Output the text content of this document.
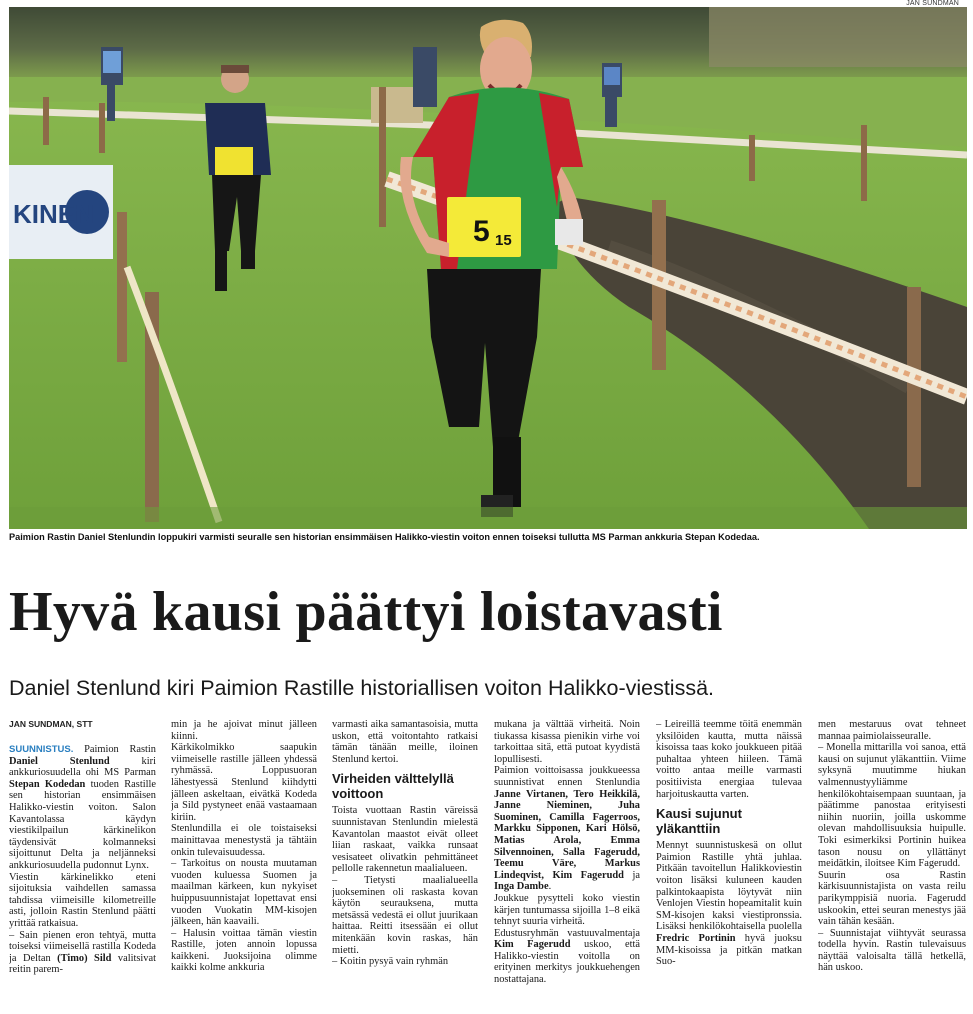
JAN SUNDMAN
KINEN
5 15
Paimion Rastin Daniel Stenlundin loppukiri varmisti seuralle sen historian ensimmäisen Halikko-viestin voiton ennen toiseksi tullutta MS Parman ankkuria Stepan Kodedaa.
Hyvä kausi päättyi loistavasti
Daniel Stenlund kiri Paimion Rastille historiallisen voiton Halikko-viestissä.
JAN SUNDMAN, STT

SUUNNISTUS. Paimion Rastin Daniel Stenlund kiri ankkuriosuudella ohi MS Parman Stepan Kodedan tuoden Rastille sen historian ensimmäisen Halikko-viestin voiton. Salon Kavantolassa käydyn viestikilpailun kärkinelikon täydensivät kolmanneksi sijoittunut Delta ja neljänneksi ankkuriosuudella pudonnut Lynx.

Viestin kärkinelikko eteni sijoituksia vaihdellen samassa tahdissa viimeisille kilometreille asti, jolloin Rastin Stenlund päätti yrittää ratkaisua.

– Sain pienen eron tehtyä, mutta toiseksi viimeisellä rastilla Kodeda ja Deltan (Timo) Sild valitsivat reitin parem-

min ja he ajoivat minut jälleen kiinni.

Kärkikolmikko saapukin viimeiselle rastille jälleen yhdessä ryhmässä. Loppusuoran lähestyessä Stenlund kiihdytti jälleen askeltaan, eivätkä Kodeda ja Sild pystyneet enää vastaamaan kiriin.

Stenlundilla ei ole toistaiseksi mainittavaa menestystä ja tähtäin onkin tulevaisuudessa.

– Tarkoitus on nousta muutaman vuoden kuluessa Suomen ja maailman kärkeen, kun nykyiset huippusuunnistajat lopettavat ensi vuoden Vuokatin MM-kisojen jälkeen, hän kaavaili.

– Halusin voittaa tämän viestin Rastille, joten annoin lopussa kaikkeni. Juoksijoina olimme kaikki kolme ankkuria

varmasti aika samantasoisia, mutta uskon, että voitontahto ratkaisi tämän tänään meille, iloinen Stenlund kertoi.

Virheiden välttelyllä voittoon

Toista vuottaan Rastin väreissä suunnistavan Stenlundin mielestä Kavantolan maastot eivät olleet liian raskaat, vaikka runsaat vesisateet olivatkin pehmittäneet pellolle rakennetun maalialueen.

– Tietysti maalialueella juokseminen oli raskasta kovan käytön seurauksena, mutta metsässä vedestä ei ollut juurikaan haittaa. Reitti itsessään ei ollut mitenkään kovin raskas, hän mietti.

– Koitin pysyä vain ryhmän

mukana ja välttää virheitä. Noin tiukassa kisassa pienikin virhe voi tarkoittaa sitä, että putoat kyydistä lopullisesti.

Paimion voittoisassa joukkueessa suunnistivat ennen Stenlundia Janne Virtanen, Tero Heikkilä, Janne Nieminen, Juha Suominen, Camilla Fagerroos, Markku Sipponen, Kari Hölsö, Matias Arola, Emma Silvennoinen, Salla Fagerudd, Teemu Väre, Markus Lindeqvist, Kim Fagerudd ja Inga Dambe.

Joukkue pysytteli koko viestin kärjen tuntumassa sijoilla 1–8 eikä tehnyt suuria virheitä.

Edustusryhmän vastuuvalmentaja Kim Fagerudd uskoo, että Halikko-viestin voitolla on erityinen merkitys joukkuehengen nostattajana.

– Leireillä teemme töitä enemmän yksilöiden kautta, mutta näissä kisoissa taas koko joukkueen pitää puhaltaa yhteen hiileen. Tämä voitto antaa meille varmasti positiivista energiaa tulevaa harjoituskautta varten.

Kausi sujunut yläkanttiin

Mennyt suunnistuskesä on ollut Paimion Rastille yhtä juhlaa. Pitkään tavoitellun Halikkoviestin voiton lisäksi kuluneen kauden palkintokaapista löytyvät niin Venlojen Viestin hopeamitalit kuin SM-kisojen kaksi viestipronssia. Lisäksi henkilökohtaisella puolella Fredric Portinin hyvä juoksu MM-kisoissa ja pitkän matkan Suo-

men mestaruus ovat tehneet mannaa paimiolaisseuralle.

– Monella mittarilla voi sanoa, että kausi on sujunut yläkanttiin. Viime syksynä muutimme hiukan valmennustyyliämme henkilökohtaisempaan suuntaan, ja päätimme panostaa erityisesti niihin nuoriin, joilla uskomme olevan mahdollisuuksia huipulle. Toki esimerkiksi Portinin huikea tason nousu on yllättänyt meidätkin, iloitsee Kim Fagerudd.

Suurin osa Rastin kärkisuunnistajista on vasta reilu parikymppisiä nuoria. Fagerudd uskookin, ettei seuran menestys jää vain tähän kesään.

– Suunnistajat viihtyvät seurassa todella hyvin. Rastin tulevaisuus näyttää valoisalta tällä hetkellä, hän uskoo.
